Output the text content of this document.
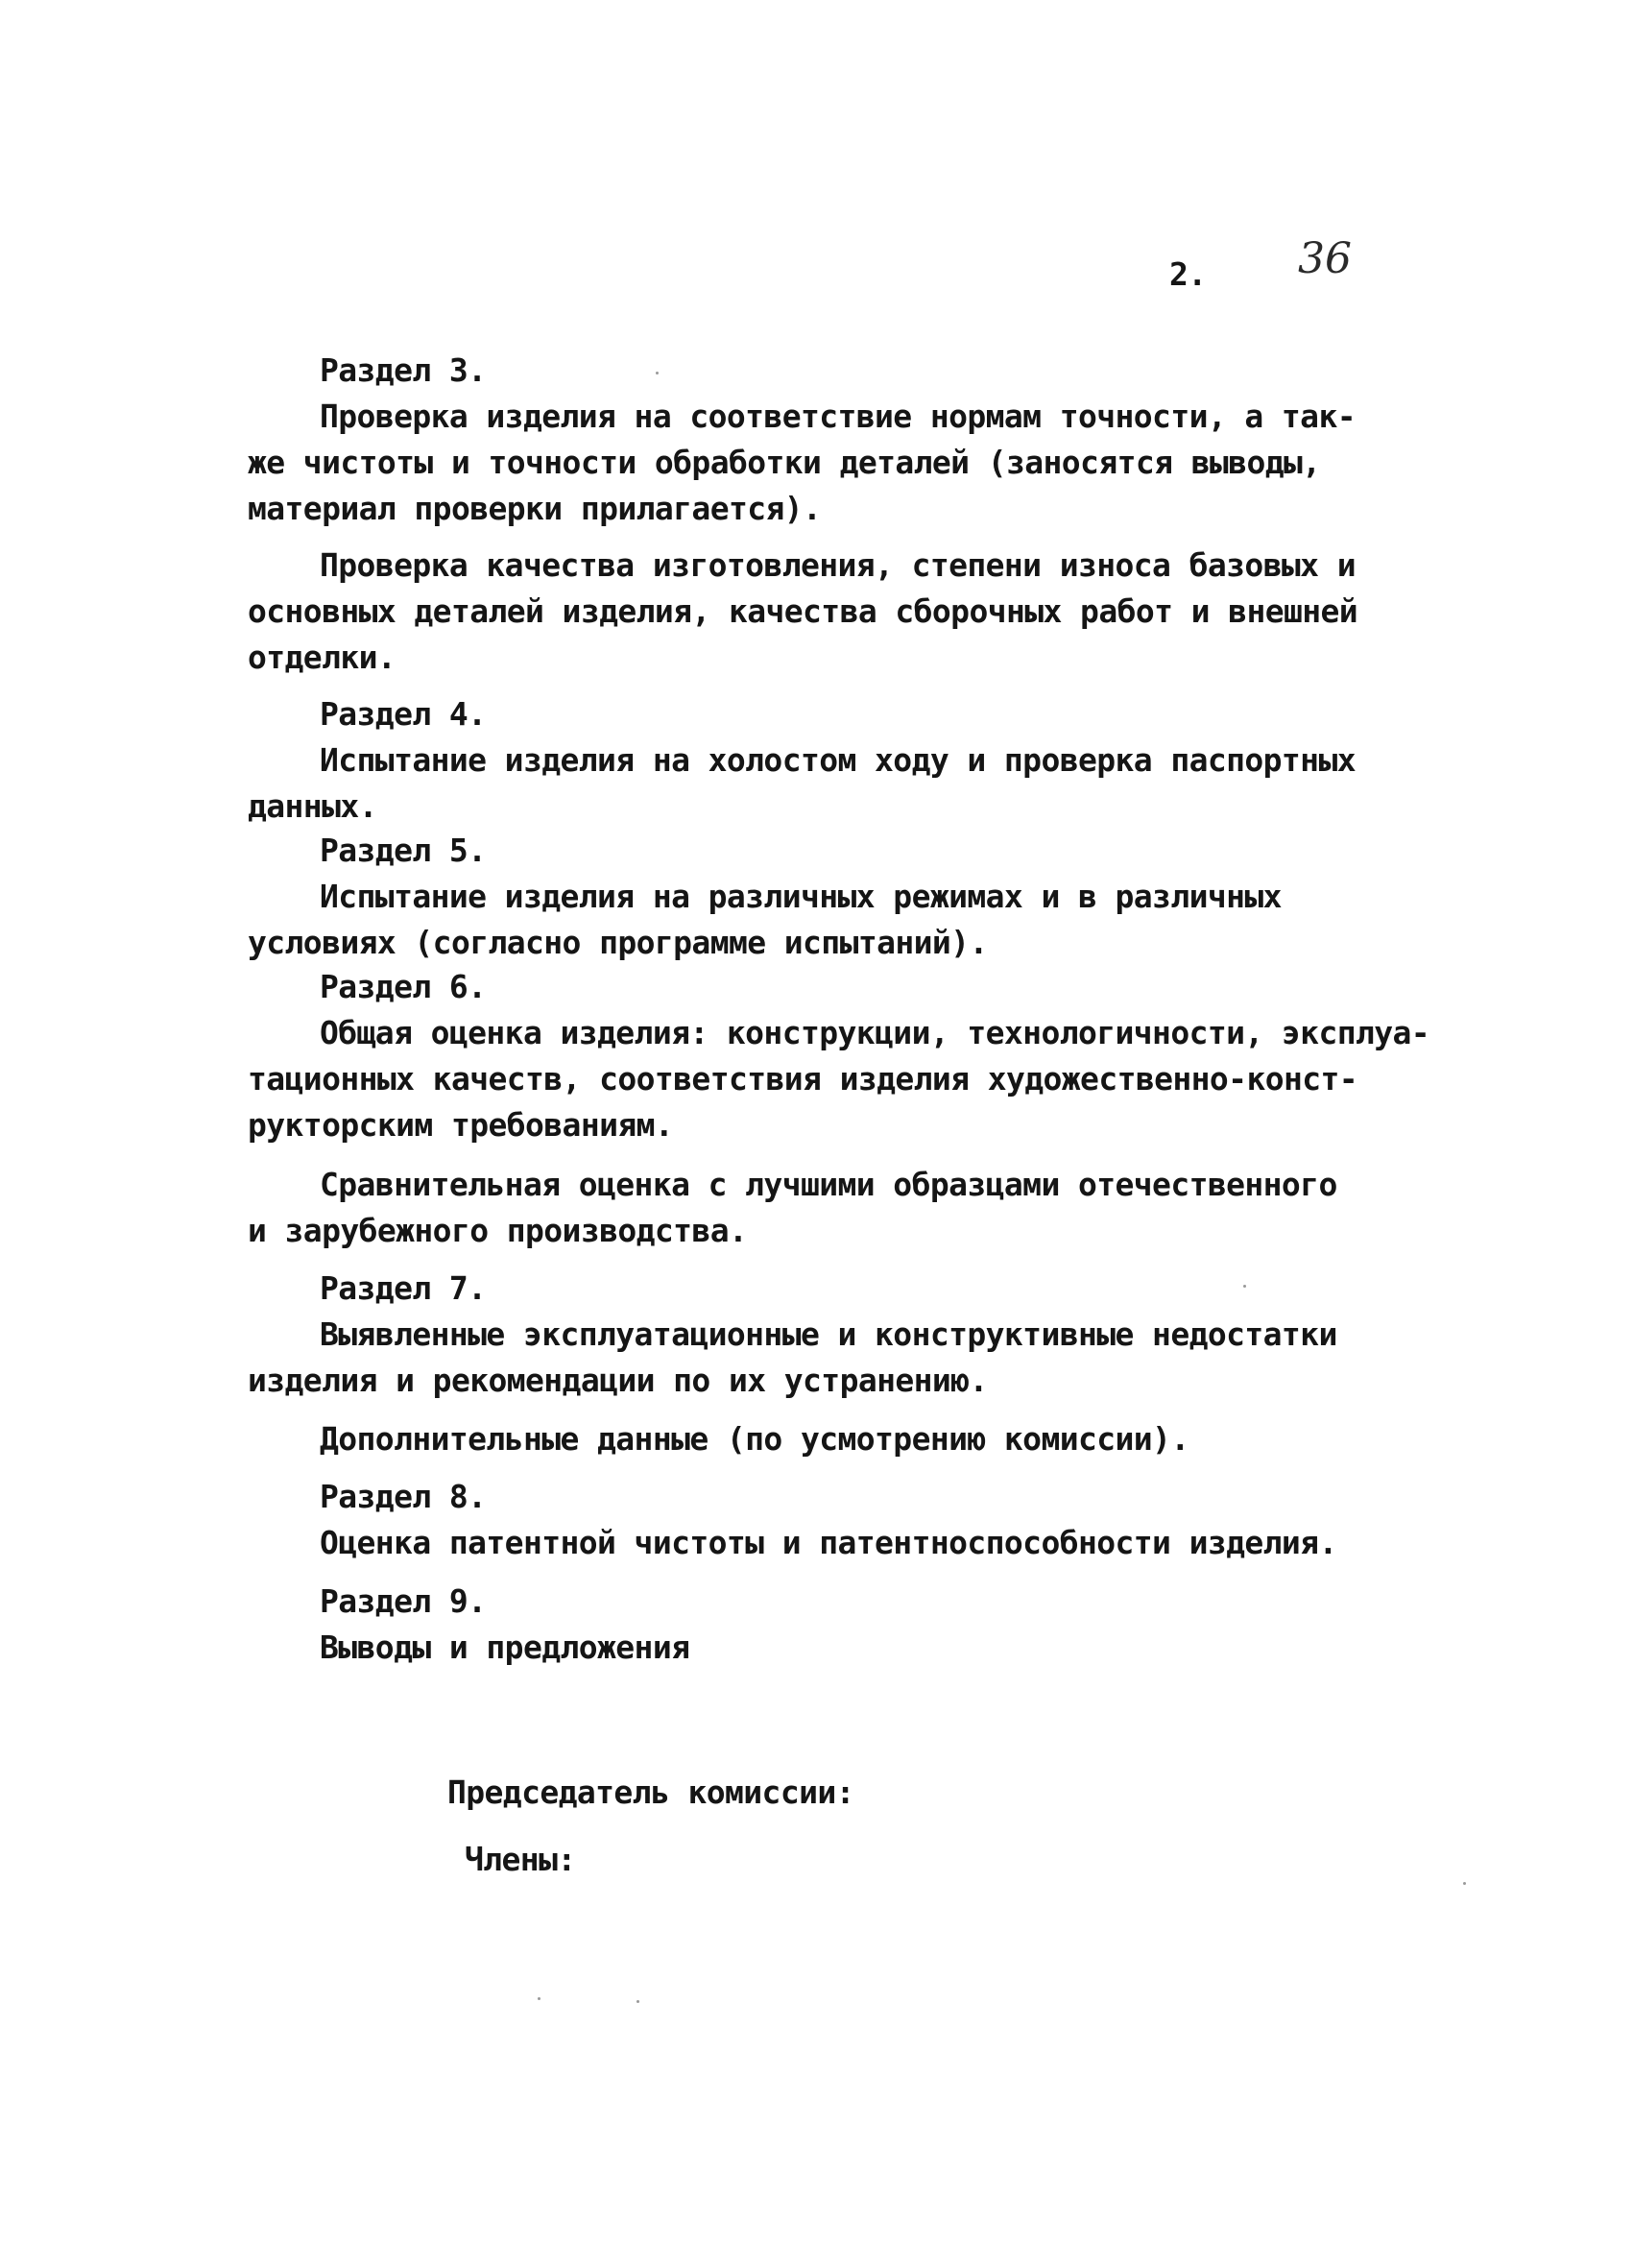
2. 36
Раздел 3.
Проверка изделия на соответствие нормам точности, а так-
же чистоты и точности обработки деталей (заносятся выводы,
материал проверки прилагается).
Проверка качества изготовления, степени износа базовых и
основных деталей изделия, качества сборочных работ и внешней
отделки.
Раздел 4.
Испытание изделия на холостом ходу и проверка паспортных
данных.
Раздел 5.
Испытание изделия на различных режимах и в различных
условиях (согласно программе испытаний).
Раздел 6.
Общая оценка изделия: конструкции, технологичности, эксплуа-
тационных качеств, соответствия изделия художественно-конст-
рукторским требованиям.
Сравнительная оценка с лучшими образцами отечественного
и зарубежного производства.
Раздел 7.
Выявленные эксплуатационные и конструктивные недостатки
изделия и рекомендации по их устранению.
Дополнительные данные (по усмотрению комиссии).
Раздел 8.
Оценка патентной чистоты и патентноспособности изделия.
Раздел 9.
Выводы и предложения
Председатель комиссии:
Члены:
